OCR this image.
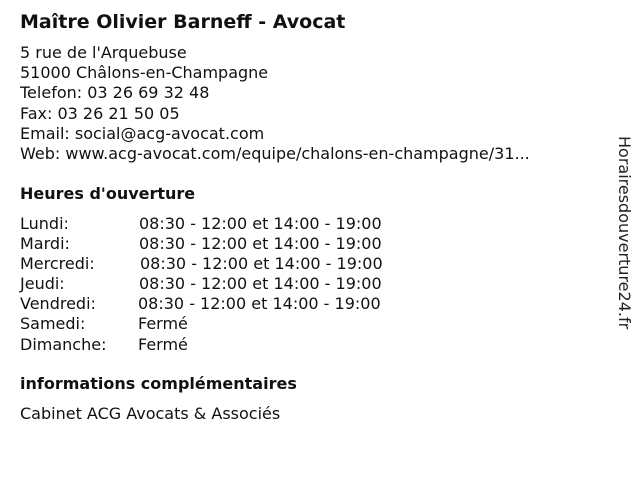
Maître Olivier Barneff - Avocat
5 rue de l'Arquebuse
51000 Châlons-en-Champagne
Telefon: 03 26 69 32 48
Fax: 03 26 21 50 05
Email: social@acg-avocat.com
Web: www.acg-avocat.com/equipe/chalons-en-champagne/31...
Heures d'ouverture
Lundi:	08:30 - 12:00 et 14:00 - 19:00
Mardi:	08:30 - 12:00 et 14:00 - 19:00
Mercredi:	08:30 - 12:00 et 14:00 - 19:00
Jeudi:	08:30 - 12:00 et 14:00 - 19:00
Vendredi:	08:30 - 12:00 et 14:00 - 19:00
Samedi:	Fermé
Dimanche: Fermé
informations complémentaires
Cabinet ACG Avocats & Associés
Horairesdouverture24.fr
